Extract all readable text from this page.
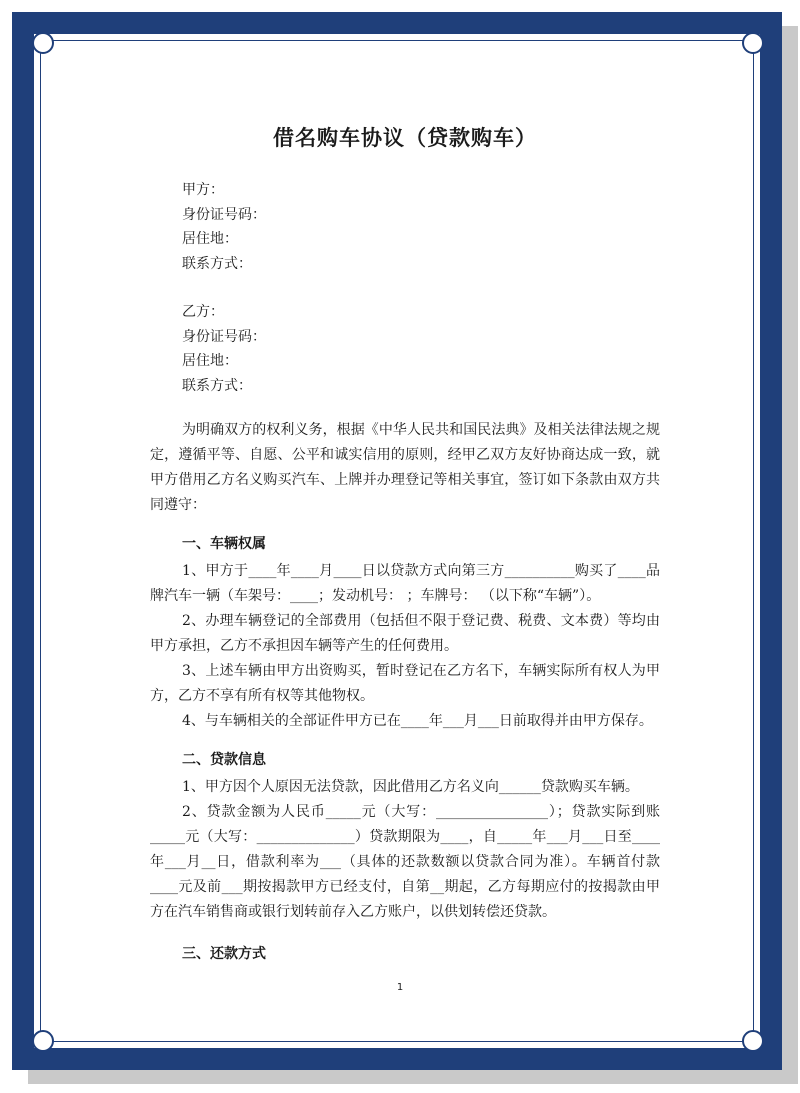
借名购车协议（贷款购车）
甲方：
身份证号码：
居住地：
联系方式：
乙方：
身份证号码：
居住地：
联系方式：

为明确双方的权利义务，根据《中华人民共和国民法典》及相关法律法规之规定，遵循平等、自愿、公平和诚实信用的原则，经甲乙双方友好协商达成一致，就甲方借用乙方名义购买汽车、上牌并办理登记等相关事宜，签订如下条款由双方共同遵守：

一、车辆权属

1、甲方于____年____月____日以贷款方式向第三方__________购买了____品牌汽车一辆（车架号：____；发动机号： ；车牌号： （以下称“车辆”）。

2、办理车辆登记的全部费用（包括但不限于登记费、税费、文本费）等均由甲方承担，乙方不承担因车辆等产生的任何费用。

3、上述车辆由甲方出资购买，暂时登记在乙方名下，车辆实际所有权人为甲方，乙方不享有所有权等其他物权。

4、与车辆相关的全部证件甲方已在____年___月___日前取得并由甲方保存。

二、贷款信息

1、甲方因个人原因无法贷款，因此借用乙方名义向______贷款购买车辆。

2、贷款金额为人民币_____元（大写：________________）；贷款实际到账_____元（大写：______________）贷款期限为____，自_____年___月___日至____年___月__日，借款利率为___（具体的还款数额以贷款合同为准）。车辆首付款____元及前___期按揭款甲方已经支付，自第__期起，乙方每期应付的按揭款由甲方在汽车销售商或银行划转前存入乙方账户，以供划转偿还贷款。

三、还款方式
1
